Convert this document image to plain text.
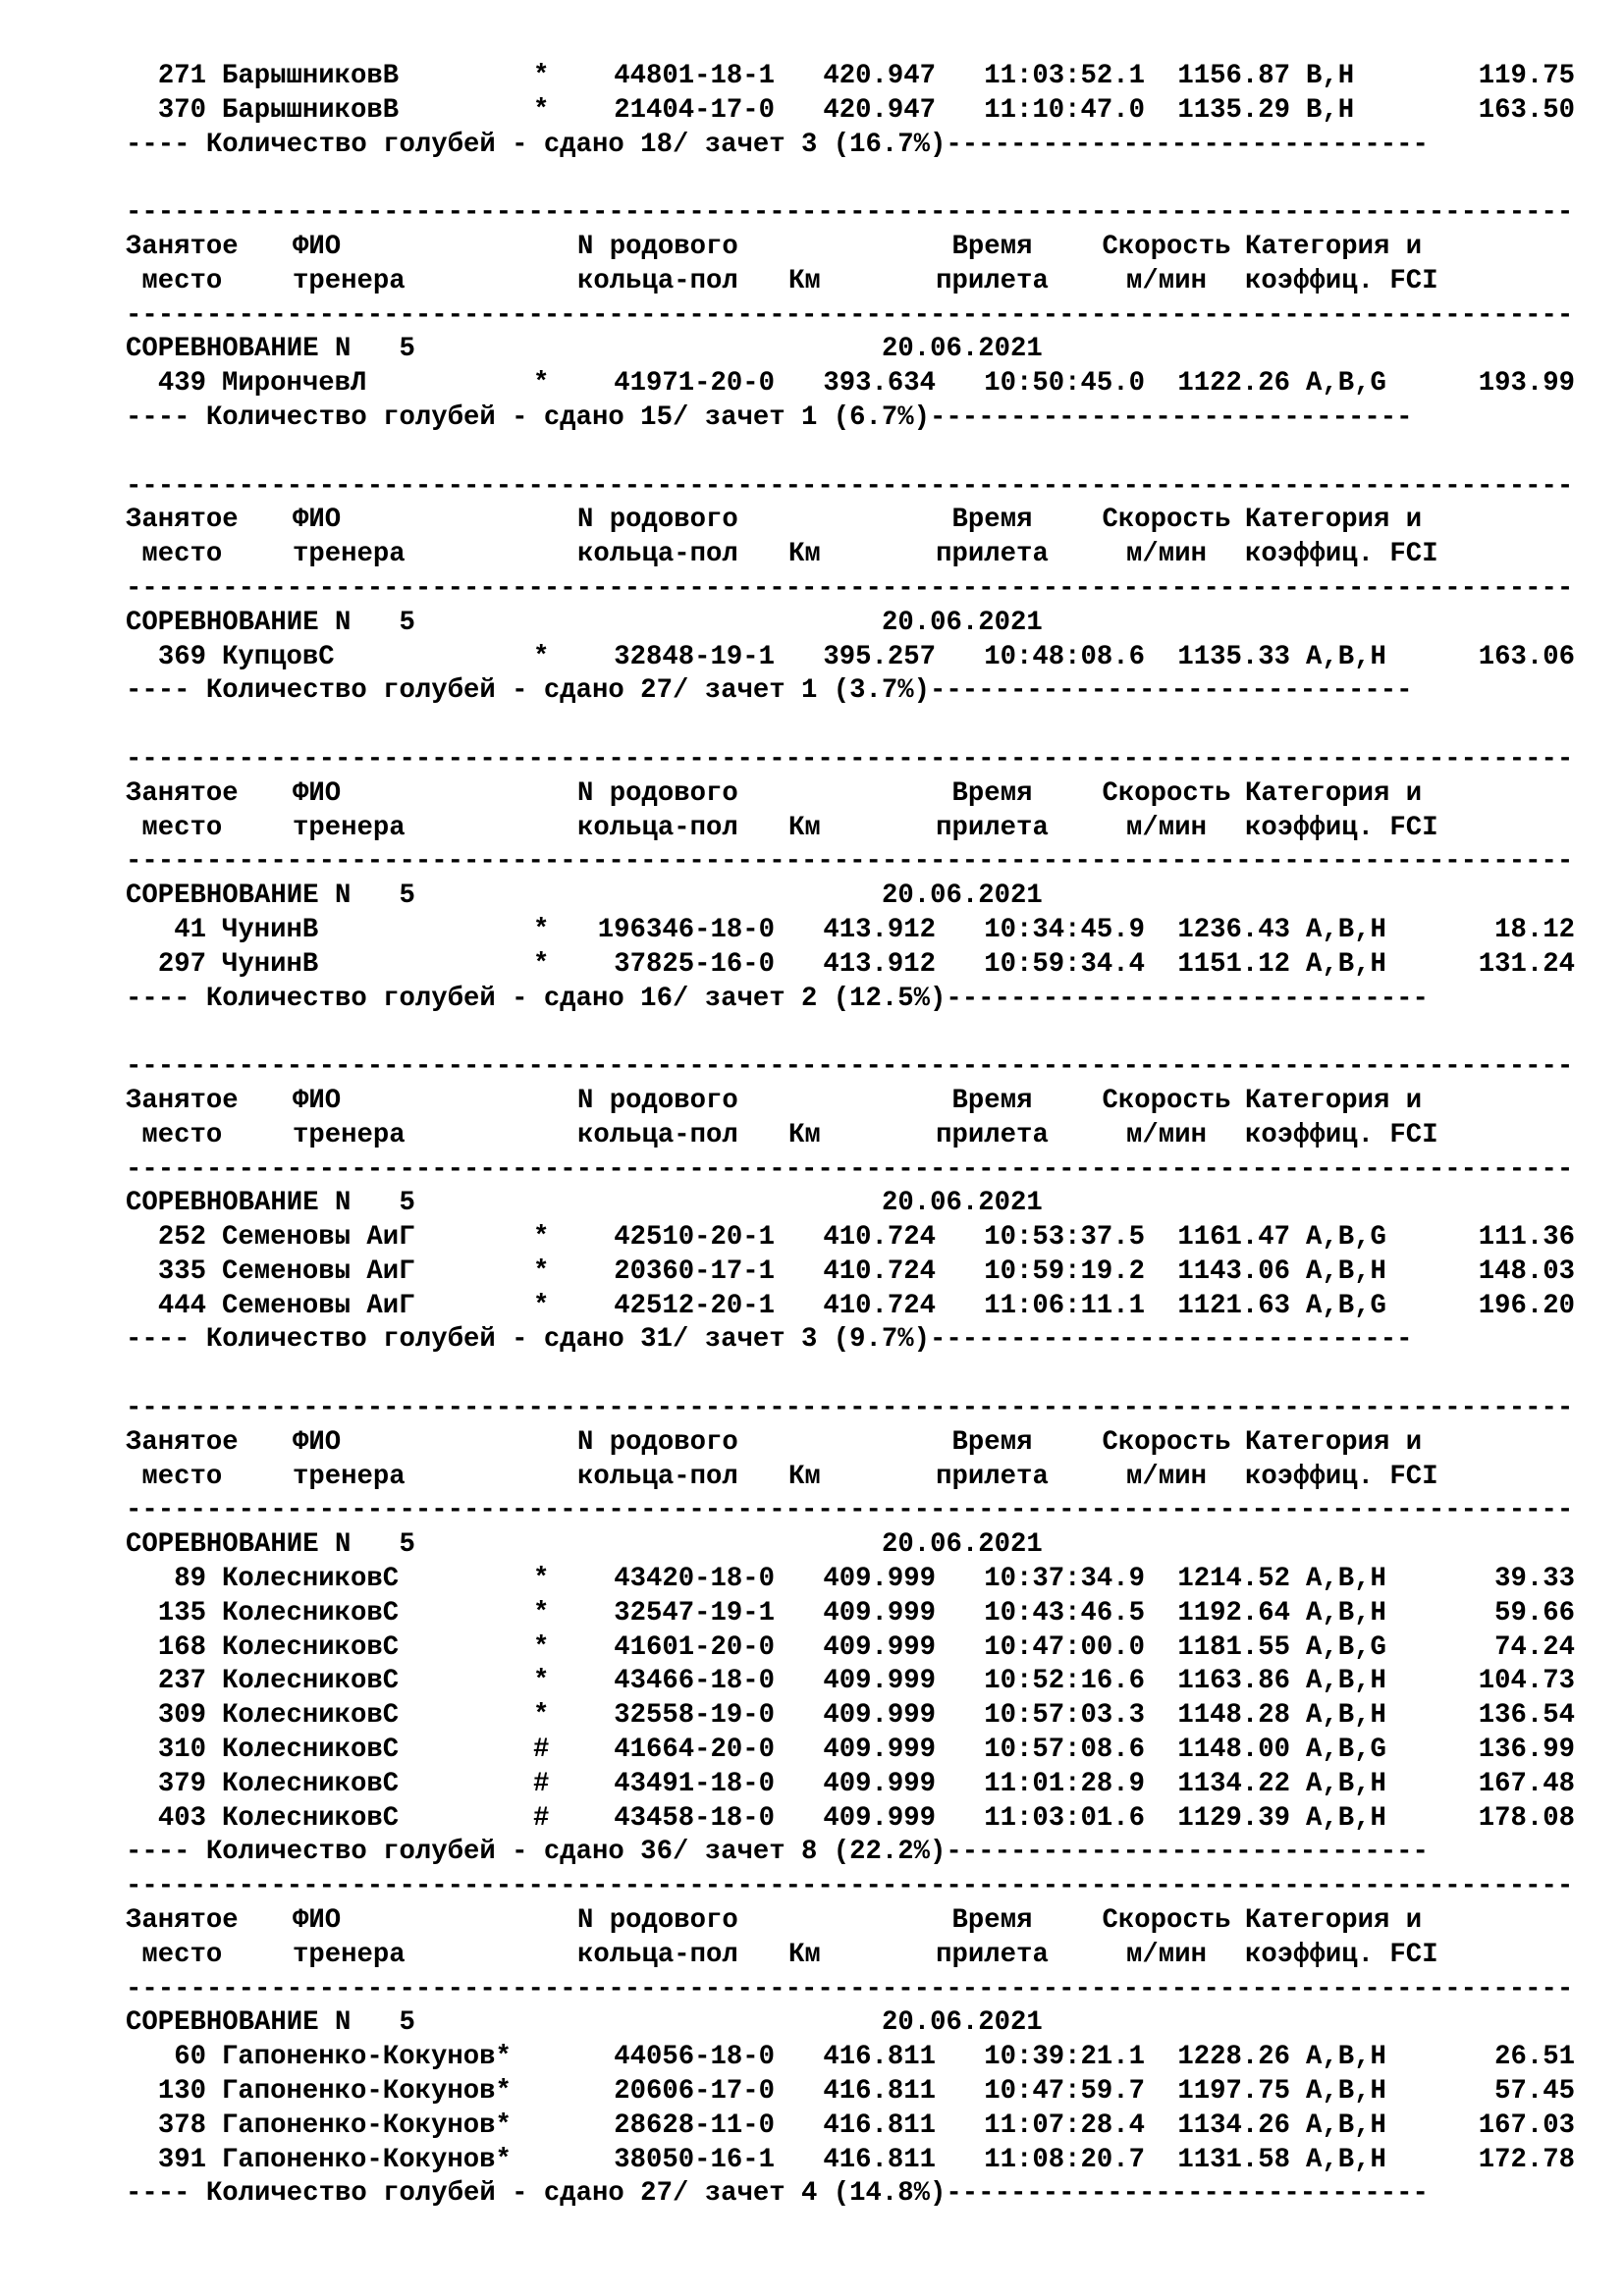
271 БарышниковВ	*	44801-18-1	420.947	11:03:52.1	1156.87 B,H	119.75
370 БарышниковВ	*	21404-17-0	420.947	11:10:47.0	1135.29 B,H	163.50
---- Количество голубей - сдано 18/ зачет 3 (16.7%) ------------------------------
------------------------------------------------------------------------------------------
Занятое	ФИО	N родового	Время	Скорость Категория и
место	тренера	кольца-пол	Км	прилета	м/мин	коэффиц. FCI
------------------------------------------------------------------------------------------
СОРЕВНОВАНИЕ N   5	20.06.2021
439 МирончевЛ	*	41971-20-0	393.634	10:50:45.0	1122.26 A,B,G	193.99
---- Количество голубей - сдано 15/ зачет 1 (6.7%) ------------------------------
------------------------------------------------------------------------------------------
Занятое	ФИО	N родового	Время	Скорость Категория и
место	тренера	кольца-пол	Км	прилета	м/мин	коэффиц. FCI
------------------------------------------------------------------------------------------
СОРЕВНОВАНИЕ N   5	20.06.2021
369 КупцовС	*	32848-19-1	395.257	10:48:08.6	1135.33 A,B,H	163.06
---- Количество голубей - сдано 27/ зачет 1 (3.7%) ------------------------------
------------------------------------------------------------------------------------------
Занятое	ФИО	N родового	Время	Скорость Категория и
место	тренера	кольца-пол	Км	прилета	м/мин	коэффиц. FCI
------------------------------------------------------------------------------------------
СОРЕВНОВАНИЕ N   5	20.06.2021
41 ЧунинВ	*	196346-18-0	413.912	10:34:45.9	1236.43 A,B,H	18.12
297 ЧунинВ	*	37825-16-0	413.912	10:59:34.4	1151.12 A,B,H	131.24
---- Количество голубей - сдано 16/ зачет 2 (12.5%) ------------------------------
------------------------------------------------------------------------------------------
Занятое	ФИО	N родового	Время	Скорость Категория и
место	тренера	кольца-пол	Км	прилета	м/мин	коэффиц. FCI
------------------------------------------------------------------------------------------
СОРЕВНОВАНИЕ N   5	20.06.2021
252 Семеновы АиГ	*	42510-20-1	410.724	10:53:37.5	1161.47 A,B,G	111.36
335 Семеновы АиГ	*	20360-17-1	410.724	10:59:19.2	1143.06 A,B,H	148.03
444 Семеновы АиГ	*	42512-20-1	410.724	11:06:11.1	1121.63 A,B,G	196.20
---- Количество голубей - сдано 31/ зачет 3 (9.7%) ------------------------------
------------------------------------------------------------------------------------------
Занятое	ФИО	N родового	Время	Скорость Категория и
место	тренера	кольца-пол	Км	прилета	м/мин	коэффиц. FCI
------------------------------------------------------------------------------------------
СОРЕВНОВАНИЕ N   5	20.06.2021
89 КолесниковС	*	43420-18-0	409.999	10:37:34.9	1214.52 A,B,H	39.33
135 КолесниковС	*	32547-19-1	409.999	10:43:46.5	1192.64 A,B,H	59.66
168 КолесниковС	*	41601-20-0	409.999	10:47:00.0	1181.55 A,B,G	74.24
237 КолесниковС	*	43466-18-0	409.999	10:52:16.6	1163.86 A,B,H	104.73
309 КолесниковС	*	32558-19-0	409.999	10:57:03.3	1148.28 A,B,H	136.54
310 КолесниковС	#	41664-20-0	409.999	10:57:08.6	1148.00 A,B,G	136.99
379 КолесниковС	#	43491-18-0	409.999	11:01:28.9	1134.22 A,B,H	167.48
403 КолесниковС	#	43458-18-0	409.999	11:03:01.6	1129.39 A,B,H	178.08
---- Количество голубей - сдано 36/ зачет 8 (22.2%) ------------------------------
------------------------------------------------------------------------------------------
Занятое	ФИО	N родового	Время	Скорость Категория и
место	тренера	кольца-пол	Км	прилета	м/мин	коэффиц. FCI
------------------------------------------------------------------------------------------
СОРЕВНОВАНИЕ N   5	20.06.2021
60 Гапоненко-Кокунов*	44056-18-0	416.811	10:39:21.1	1228.26 A,B,H	26.51
130 Гапоненко-Кокунов*	20606-17-0	416.811	10:47:59.7	1197.75 A,B,H	57.45
378 Гапоненко-Кокунов*	28628-11-0	416.811	11:07:28.4	1134.26 A,B,H	167.03
391 Гапоненко-Кокунов*	38050-16-1	416.811	11:08:20.7	1131.58 A,B,H	172.78
---- Количество голубей - сдано 27/ зачет 4 (14.8%) ------------------------------
